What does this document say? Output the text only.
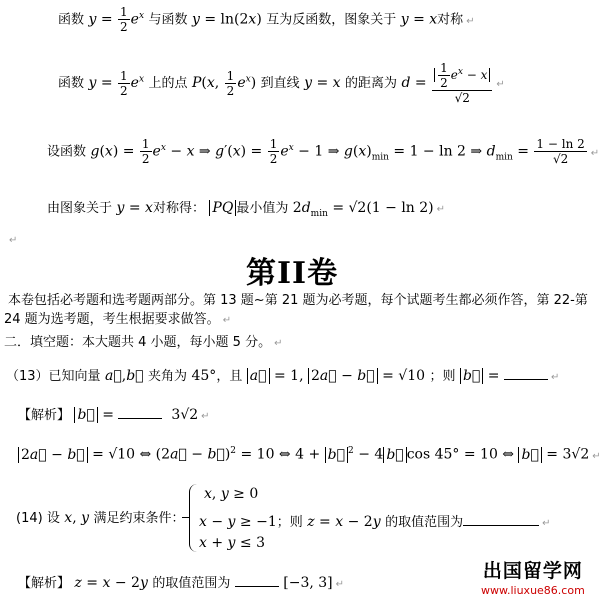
函数 $y = \frac{1}{2} e^x$ 与函数 y = ln(2x) 互为反函数，图象关于 y = x对称 ↵
函数 $y = \frac{1}{2} e^x$ 上的点 P(x, $\frac{1}{2} e^x$) 到直线 y = x 的距离为 $d = \frac{\frac{1}{2} e^x - x}{√2}$ ↵
设函数 $g(x) = \frac{1}{2} e^x - x$ ⇒ $g'(x) = \frac{1}{2} e^x - 1$ ⇒ $g(x)_{min} = 1 - \ln 2$ ⇒ $d_{min} = \frac{1 - \ln 2}{√2}$ ↵
由图象关于 y = x对称得： PQ 最小值为 $2d_{min} = √2(1 - \ln 2)$ ↵
↵
第II卷
本卷包括必考题和选考题两部分。第 13 题~第 21 题为必考题，每个试题考生都必须作答，第 22-第 24 题为选考题，考生根据要求做答。 ↵
二．填空题：本大题共 4 小题，每小题 5 分。 ↵
（13）已知向量 a⃗,b⃗ 夹角为 45°，且 a⃗ = 1, 2a⃗ − b⃗ = √10 ；则 b⃗ =	↵
【解析】 b⃗ =	3√2 ↵
2a⃗ − b⃗ = √10 ⇔ (2a⃗ − b⃗)$^2$ = 10 ⇔ 4 + b⃗ $^2$ − 4 b⃗ cos 45° = 10 ⇔ b⃗ = 3√2 ↵
(14) 设 x, y 满足约束条件：
x, y ≥ 0
x − y ≥ −1；则 z = x − 2y 的取值范围为	↵
x + y ≤ 3
【解析】 z = x − 2y 的取值范围为	[−3, 3] ↵
出国留学网
www.liuxue86.com
